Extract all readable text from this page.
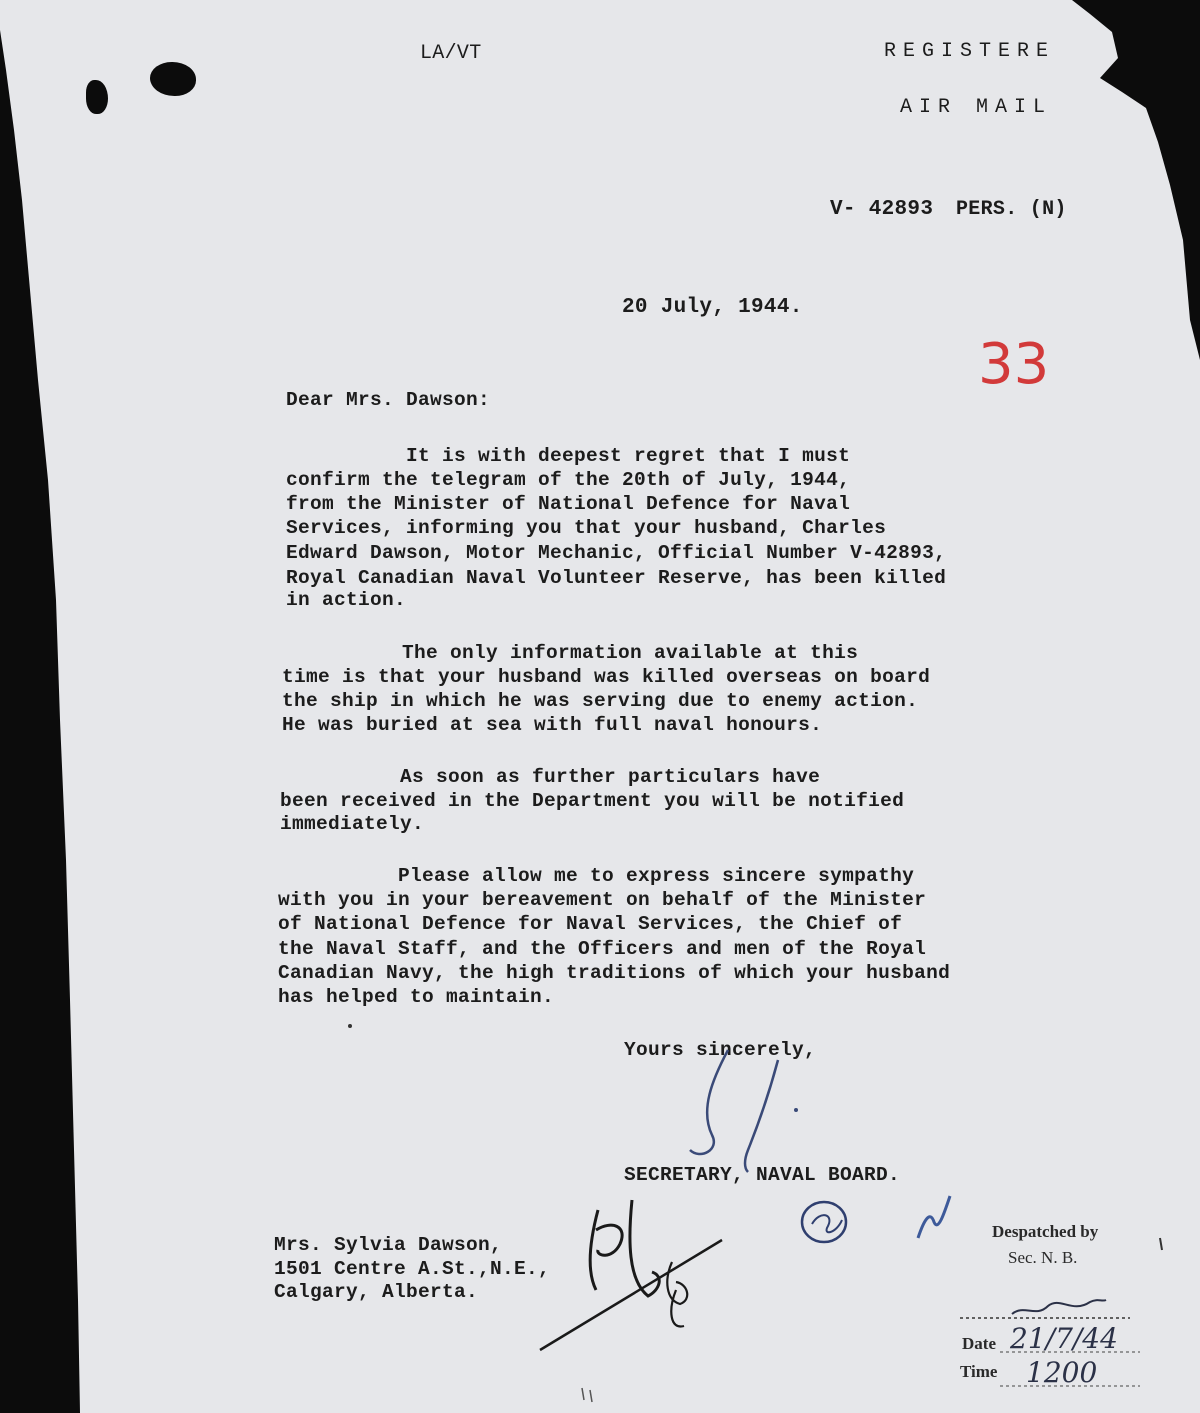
LA/VT	REGISTERE
AIR MAIL
V- 42893 PERS. (N)
20 July, 1944.
33
Dear Mrs. Dawson:
It is with deepest regret that I must
confirm the telegram of the 20th of July, 1944,
from the Minister of National Defence for Naval
Services, informing you that your husband, Charles
Edward Dawson, Motor Mechanic, Official Number V-42893,
Royal Canadian Naval Volunteer Reserve, has been killed
in action.
The only information available at this
time is that your husband was killed overseas on board
the ship in which he was serving due to enemy action.
He was buried at sea with full naval honours.
As soon as further particulars have
been received in the Department you will be notified
immediately.
Please allow me to express sincere sympathy
with you in your bereavement on behalf of the Minister
of National Defence for Naval Services, the Chief of
the Naval Staff, and the Officers and men of the Royal
Canadian Navy, the high traditions of which your husband
has helped to maintain.
Yours sincerely,
SECRETARY, NAVAL BOARD.
Mrs. Sylvia Dawson,
1501 Centre A.St.,N.E.,
Calgary, Alberta.
Despatched by
Sec. N. B.
Date 21/7/44
Time 1200
